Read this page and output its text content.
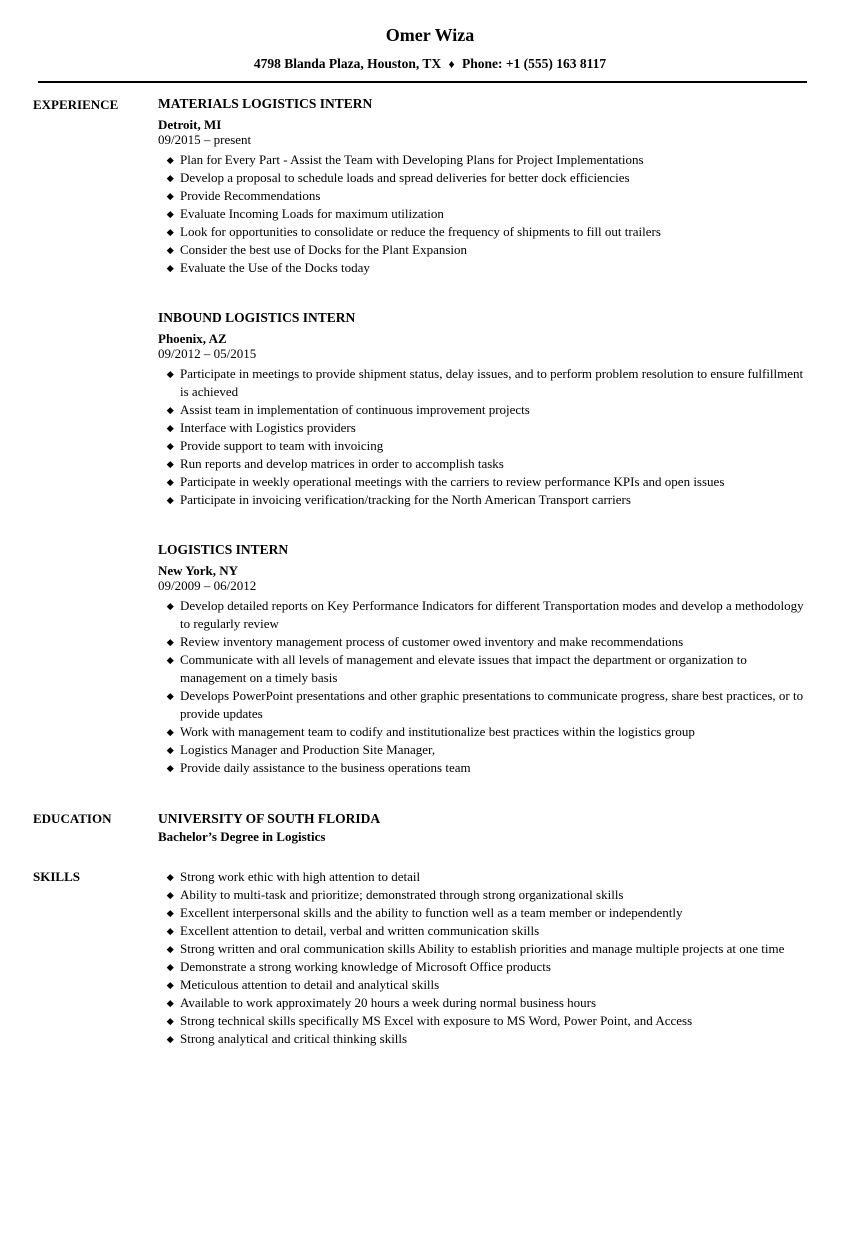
Omer Wiza
4798 Blanda Plaza, Houston, TX ♦ Phone: +1 (555) 163 8117
EXPERIENCE	MATERIALS LOGISTICS INTERN
Detroit, MI
09/2015 – present
Plan for Every Part - Assist the Team with Developing Plans for Project Implementations
Develop a proposal to schedule loads and spread deliveries for better dock efficiencies
Provide Recommendations
Evaluate Incoming Loads for maximum utilization
Look for opportunities to consolidate or reduce the frequency of shipments to fill out trailers
Consider the best use of Docks for the Plant Expansion
Evaluate the Use of the Docks today
INBOUND LOGISTICS INTERN
Phoenix, AZ
09/2012 – 05/2015
Participate in meetings to provide shipment status, delay issues, and to perform problem resolution to ensure fulfillment is achieved
Assist team in implementation of continuous improvement projects
Interface with Logistics providers
Provide support to team with invoicing
Run reports and develop matrices in order to accomplish tasks
Participate in weekly operational meetings with the carriers to review performance KPIs and open issues
Participate in invoicing verification/tracking for the North American Transport carriers
LOGISTICS INTERN
New York, NY
09/2009 – 06/2012
Develop detailed reports on Key Performance Indicators for different Transportation modes and develop a methodology to regularly review
Review inventory management process of customer owed inventory and make recommendations
Communicate with all levels of management and elevate issues that impact the department or organization to management on a timely basis
Develops PowerPoint presentations and other graphic presentations to communicate progress, share best practices, or to provide updates
Work with management team to codify and institutionalize best practices within the logistics group
Logistics Manager and Production Site Manager,
Provide daily assistance to the business operations team
EDUCATION	UNIVERSITY OF SOUTH FLORIDA
Bachelor’s Degree in Logistics
SKILLS	Strong work ethic with high attention to detail
Ability to multi-task and prioritize; demonstrated through strong organizational skills
Excellent interpersonal skills and the ability to function well as a team member or independently
Excellent attention to detail, verbal and written communication skills
Strong written and oral communication skills Ability to establish priorities and manage multiple projects at one time
Demonstrate a strong working knowledge of Microsoft Office products
Meticulous attention to detail and analytical skills
Available to work approximately 20 hours a week during normal business hours
Strong technical skills specifically MS Excel with exposure to MS Word, Power Point, and Access
Strong analytical and critical thinking skills
